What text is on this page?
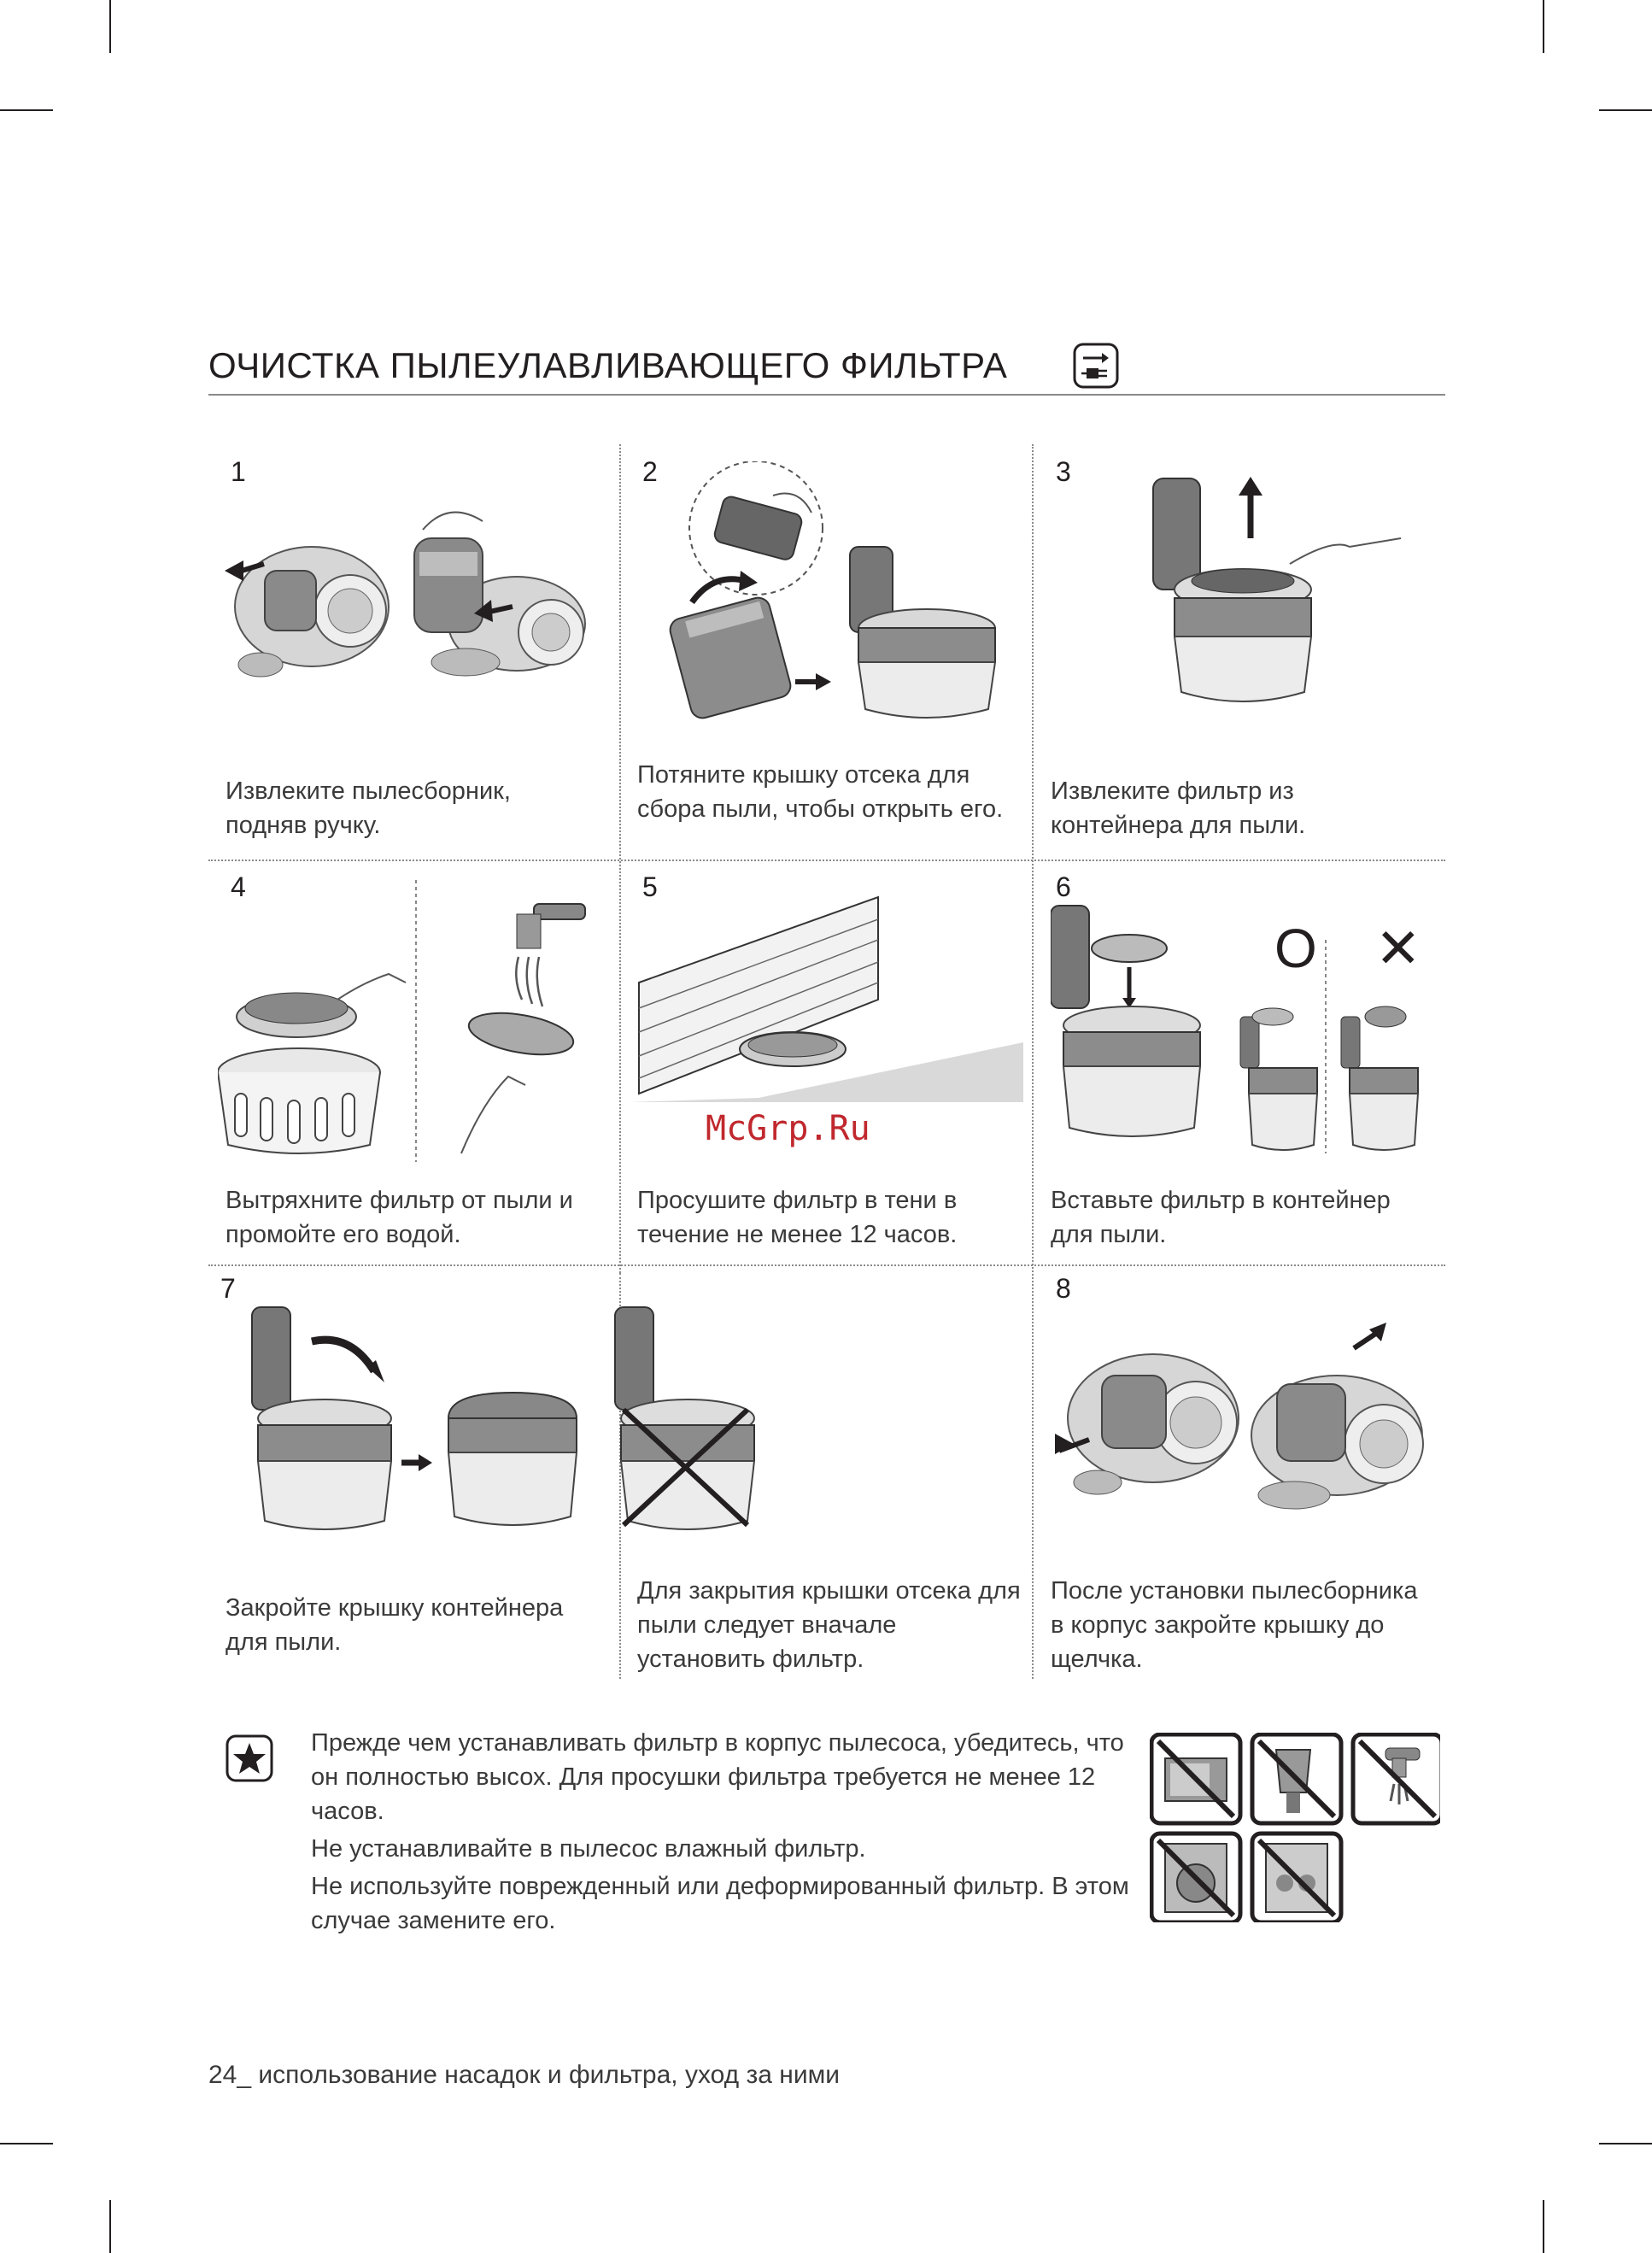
ОЧИСТКА ПЫЛЕУЛАВЛИВАЮЩЕГО ФИЛЬТРА
1	2	3
4	5	6
7	8
O ✕
Извлеките пылесборник, подняв ручку.
Потяните крышку отсека для сбора пыли, чтобы открыть его.
Извлеките фильтр из контейнера для пыли.
Вытряхните фильтр от пыли и промойте его водой.
Просушите фильтр в тени в течение не менее 12 часов.
Вставьте фильтр в контейнер для пыли.
Закройте крышку контейнера для пыли.
Для закрытия крышки отсека для пыли следует вначале установить фильтр.
После установки пылесборника в корпус закройте крышку до щелчка.
McGrp.Ru

Прежде чем устанавливать фильтр в корпус пылесоса, убедитесь, что он полностью высох. Для просушки фильтра требуется не менее 12 часов.

Не устанавливайте в пылесос влажный фильтр.

Не используйте поврежденный или деформированный фильтр. В этом случае замените его.

24_ использование насадок и фильтра, уход за ними
